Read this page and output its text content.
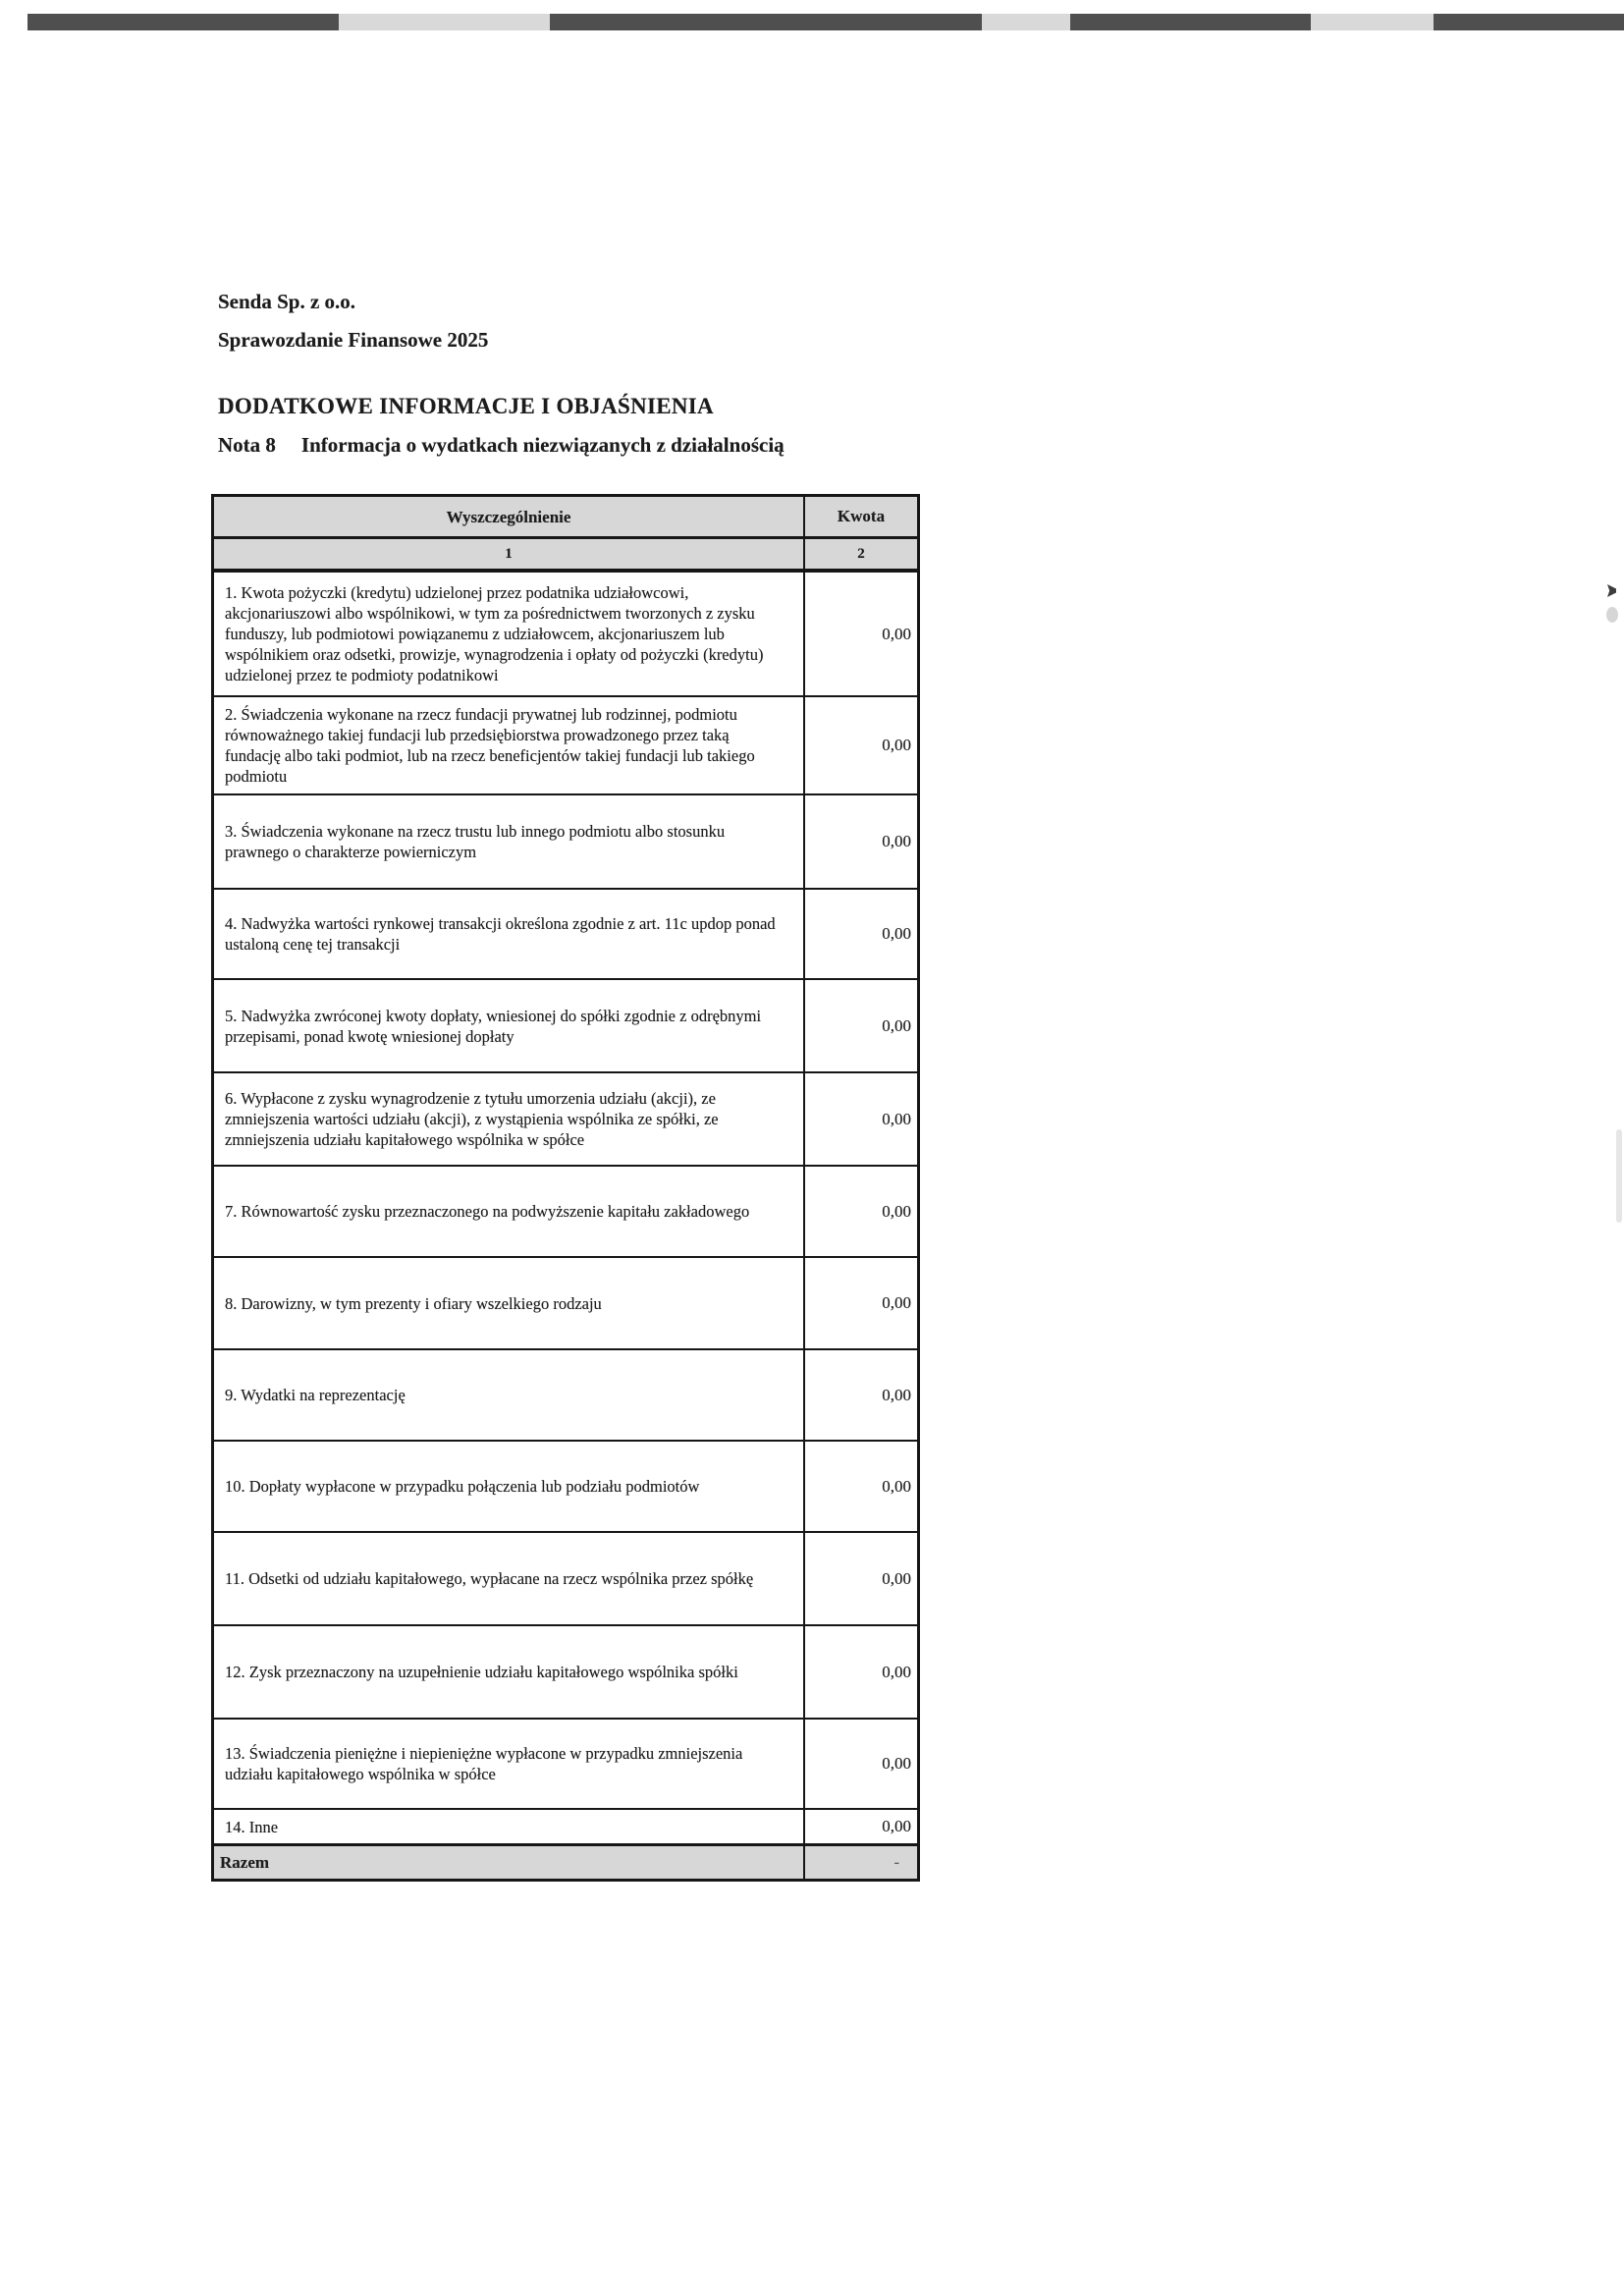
Senda Sp. z o.o.
Sprawozdanie Finansowe 2025
DODATKOWE INFORMACJE I OBJAŚNIENIA
Nota 8 Informacja o wydatkach niezwiązanych z działalnością
Wyszczególnienie	Kwota
1	2
1. Kwota pożyczki (kredytu) udzielonej przez podatnika udziałowcowi, akcjonariuszowi albo wspólnikowi, w tym za pośrednictwem tworzonych z zysku funduszy, lub podmiotowi powiązanemu z udziałowcem, akcjonariuszem lub wspólnikiem oraz odsetki, prowizje, wynagrodzenia i opłaty od pożyczki (kredytu) udzielonej przez te podmioty podatnikowi
0,00
2. Świadczenia wykonane na rzecz fundacji prywatnej lub rodzinnej, podmiotu równoważnego takiej fundacji lub przedsiębiorstwa prowadzonego przez taką fundację albo taki podmiot, lub na rzecz beneficjentów takiej fundacji lub takiego podmiotu
0,00
3. Świadczenia wykonane na rzecz trustu lub innego podmiotu albo stosunku prawnego o charakterze powierniczym
0,00
4. Nadwyżka wartości rynkowej transakcji określona zgodnie z art. 11c updop ponad ustaloną cenę tej transakcji
0,00
5. Nadwyżka zwróconej kwoty dopłaty, wniesionej do spółki zgodnie z odrębnymi przepisami, ponad kwotę wniesionej dopłaty
0,00
6. Wypłacone z zysku wynagrodzenie z tytułu umorzenia udziału (akcji), ze zmniejszenia wartości udziału (akcji), z wystąpienia wspólnika ze spółki, ze zmniejszenia udziału kapitałowego wspólnika w spółce
0,00
7. Równowartość zysku przeznaczonego na podwyższenie kapitału zakładowego	0,00
8. Darowizny, w tym prezenty i ofiary wszelkiego rodzaju	0,00
9. Wydatki na reprezentację	0,00
10. Dopłaty wypłacone w przypadku połączenia lub podziału podmiotów	0,00
11. Odsetki od udziału kapitałowego, wypłacane na rzecz wspólnika przez spółkę	0,00
12. Zysk przeznaczony na uzupełnienie udziału kapitałowego wspólnika spółki	0,00
13. Świadczenia pieniężne i niepieniężne wypłacone w przypadku zmniejszenia udziału kapitałowego wspólnika w spółce
0,00
14. Inne	0,00
Razem	-
